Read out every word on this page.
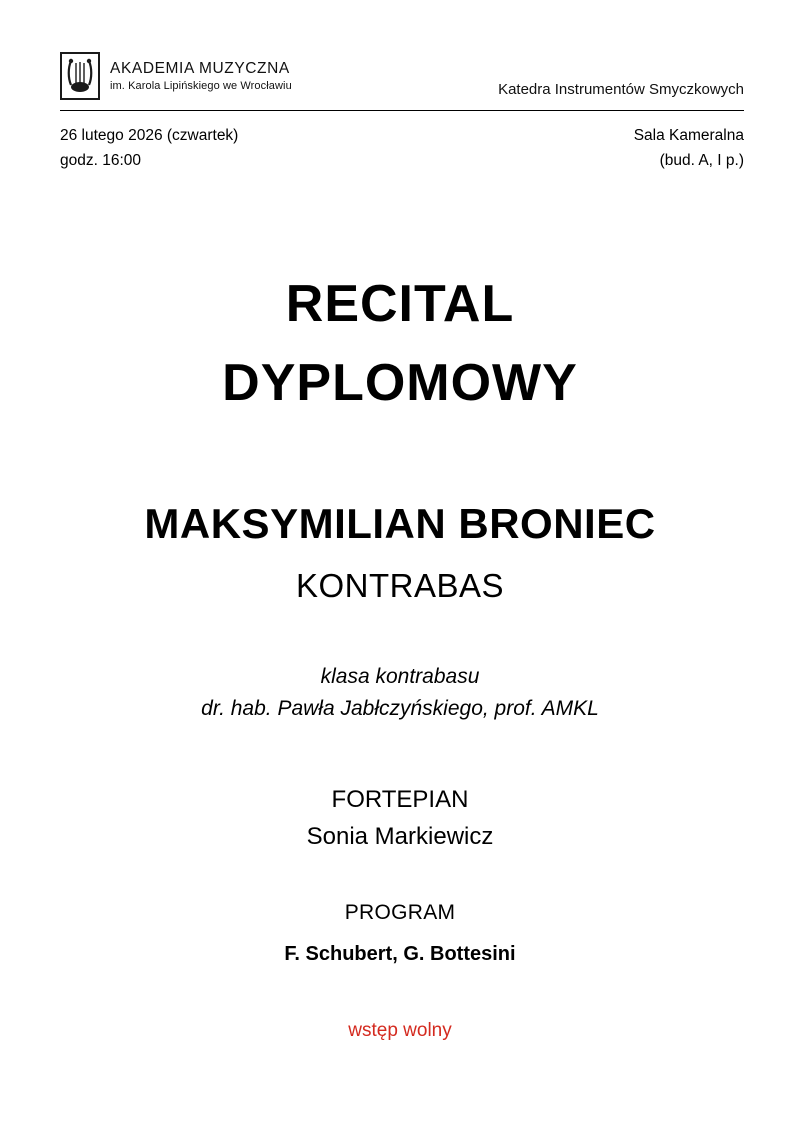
AKADEMIA MUZYCZNA
im. Karola Lipińskiego we Wrocławiu	Katedra Instrumentów Smyczkowych
26 lutego 2026 (czwartek)
godz. 16:00
Sala Kameralna
(bud. A, I p.)
RECITAL
DYPLOMOWY
MAKSYMILIAN BRONIEC
KONTRABAS
klasa kontrabasu
dr. hab. Pawła Jabłczyńskiego, prof. AMKL
FORTEPIAN
Sonia Markiewicz
PROGRAM
F. Schubert, G. Bottesini
wstęp wolny
